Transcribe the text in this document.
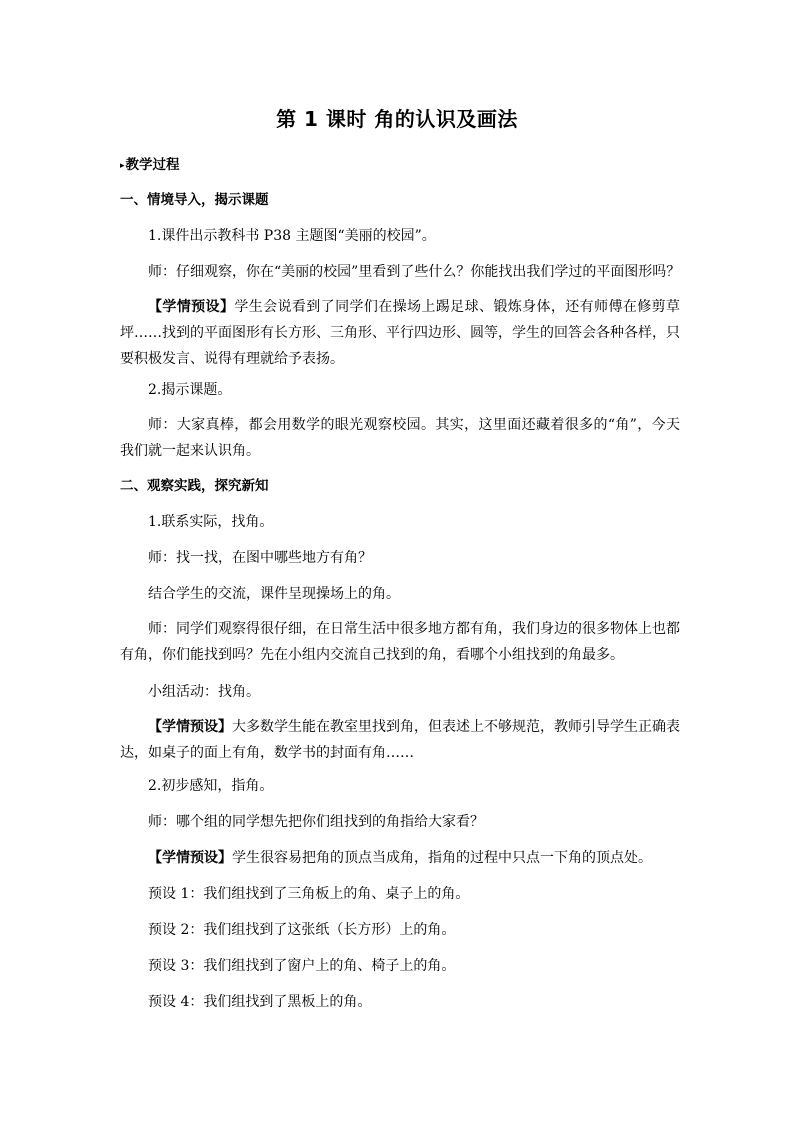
第 1 课时 角的认识及画法
▸教学过程
一、情境导入，揭示课题
1.课件出示教科书 P38 主题图“美丽的校园”。
师：仔细观察，你在“美丽的校园”里看到了些什么？你能找出我们学过的平面图形吗？
【学情预设】学生会说看到了同学们在操场上踢足球、锻炼身体，还有师傅在修剪草坪……找到的平面图形有长方形、三角形、平行四边形、圆等，学生的回答会各种各样，只要积极发言、说得有理就给予表扬。
2.揭示课题。
师：大家真棒，都会用数学的眼光观察校园。其实，这里面还藏着很多的“角”，今天我们就一起来认识角。
二、观察实践，探究新知
1.联系实际，找角。
师：找一找，在图中哪些地方有角？
结合学生的交流，课件呈现操场上的角。
师：同学们观察得很仔细，在日常生活中很多地方都有角，我们身边的很多物体上也都有角，你们能找到吗？先在小组内交流自己找到的角，看哪个小组找到的角最多。
小组活动：找角。
【学情预设】大多数学生能在教室里找到角，但表述上不够规范，教师引导学生正确表达，如桌子的面上有角，数学书的封面有角……
2.初步感知，指角。
师：哪个组的同学想先把你们组找到的角指给大家看？
【学情预设】学生很容易把角的顶点当成角，指角的过程中只点一下角的顶点处。
预设 1：我们组找到了三角板上的角、桌子上的角。
预设 2：我们组找到了这张纸（长方形）上的角。
预设 3：我们组找到了窗户上的角、椅子上的角。
预设 4：我们组找到了黑板上的角。
